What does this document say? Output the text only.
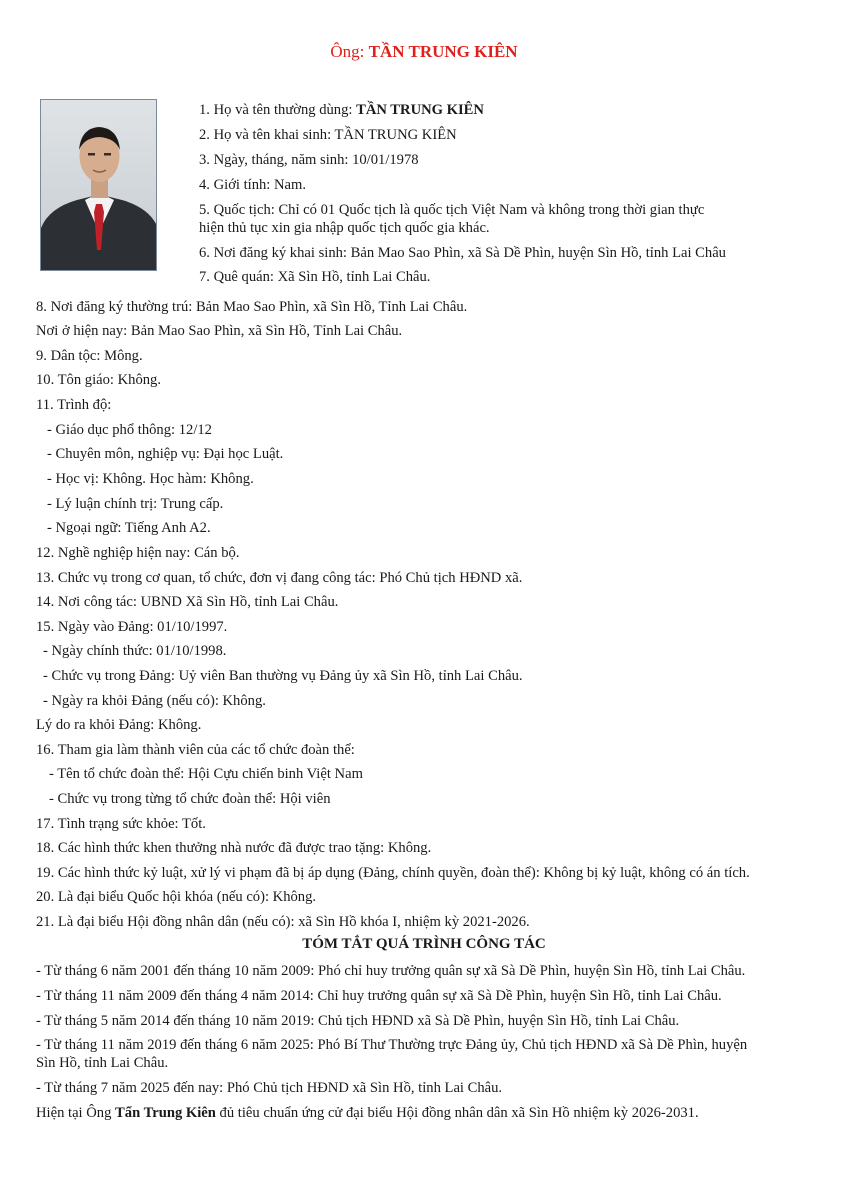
Ông: TẦN TRUNG KIÊN
1. Họ và tên thường dùng: TẦN TRUNG KIÊN
2. Họ và tên khai sinh: TẦN TRUNG KIÊN
3. Ngày, tháng, năm sinh: 10/01/1978
4. Giới tính: Nam.
5. Quốc tịch: Chỉ có 01 Quốc tịch là quốc tịch Việt Nam và không trong thời gian thực
hiện thủ tục xin gia nhập quốc tịch quốc gia khác.
6. Nơi đăng ký khai sinh: Bản Mao Sao Phìn, xã Sà Dề Phìn, huyện Sìn Hồ, tỉnh Lai Châu
7. Quê quán: Xã Sìn Hồ, tỉnh Lai Châu.
8. Nơi đăng ký thường trú: Bản Mao Sao Phìn, xã Sìn Hồ, Tỉnh Lai Châu.
Nơi ở hiện nay: Bản Mao Sao Phìn, xã Sìn Hồ, Tỉnh Lai Châu.
9. Dân tộc: Mông.
10. Tôn giáo: Không.
11. Trình độ:
- Giáo dục phổ thông: 12/12
- Chuyên môn, nghiệp vụ: Đại học Luật.
- Học vị: Không. Học hàm: Không.
- Lý luận chính trị: Trung cấp.
- Ngoại ngữ: Tiếng Anh A2.
12. Nghề nghiệp hiện nay: Cán bộ.
13. Chức vụ trong cơ quan, tổ chức, đơn vị đang công tác: Phó Chủ tịch HĐND xã.
14. Nơi công tác: UBND Xã Sìn Hồ, tỉnh Lai Châu.
15. Ngày vào Đảng: 01/10/1997.
- Ngày chính thức: 01/10/1998.
- Chức vụ trong Đảng: Uỷ viên Ban thường vụ Đảng ủy xã Sìn Hồ, tỉnh Lai Châu.
- Ngày ra khỏi Đảng (nếu có): Không.
Lý do ra khỏi Đảng: Không.
16. Tham gia làm thành viên của các tổ chức đoàn thể:
- Tên tổ chức đoàn thể: Hội Cựu chiến binh Việt Nam
- Chức vụ trong từng tổ chức đoàn thể: Hội viên
17. Tình trạng sức khỏe: Tốt.
18. Các hình thức khen thưởng nhà nước đã được trao tặng: Không.
19. Các hình thức kỷ luật, xử lý vi phạm đã bị áp dụng (Đảng, chính quyền, đoàn thể): Không bị kỷ luật, không có án tích.
20. Là đại biểu Quốc hội khóa (nếu có): Không.
21. Là đại biểu Hội đồng nhân dân (nếu có): xã Sìn Hồ khóa I, nhiệm kỳ 2021-2026.
TÓM TẮT QUÁ TRÌNH CÔNG TÁC
- Từ tháng 6 năm 2001 đến tháng 10 năm 2009: Phó chỉ huy trưởng quân sự xã Sà Dề Phìn, huyện Sìn Hồ, tỉnh Lai Châu.
- Từ tháng 11 năm 2009 đến tháng 4 năm 2014: Chỉ huy trưởng quân sự xã Sà Dề Phìn, huyện Sìn Hồ, tỉnh Lai Châu.
- Từ tháng 5 năm 2014 đến tháng 10 năm 2019: Chủ tịch HĐND xã Sà Dề Phìn, huyện Sìn Hồ, tỉnh Lai Châu.
- Từ tháng 11 năm 2019 đến tháng 6 năm 2025: Phó Bí Thư Thường trực Đảng ủy, Chủ tịch HĐND xã Sà Dề Phìn, huyện
Sìn Hồ, tỉnh Lai Châu.
- Từ tháng 7 năm 2025 đến nay: Phó Chủ tịch HĐND xã Sìn Hồ, tỉnh Lai Châu.
Hiện tại Ông Tẩn Trung Kiên đủ tiêu chuẩn ứng cử đại biểu Hội đồng nhân dân xã Sìn Hồ nhiệm kỳ 2026-2031.
